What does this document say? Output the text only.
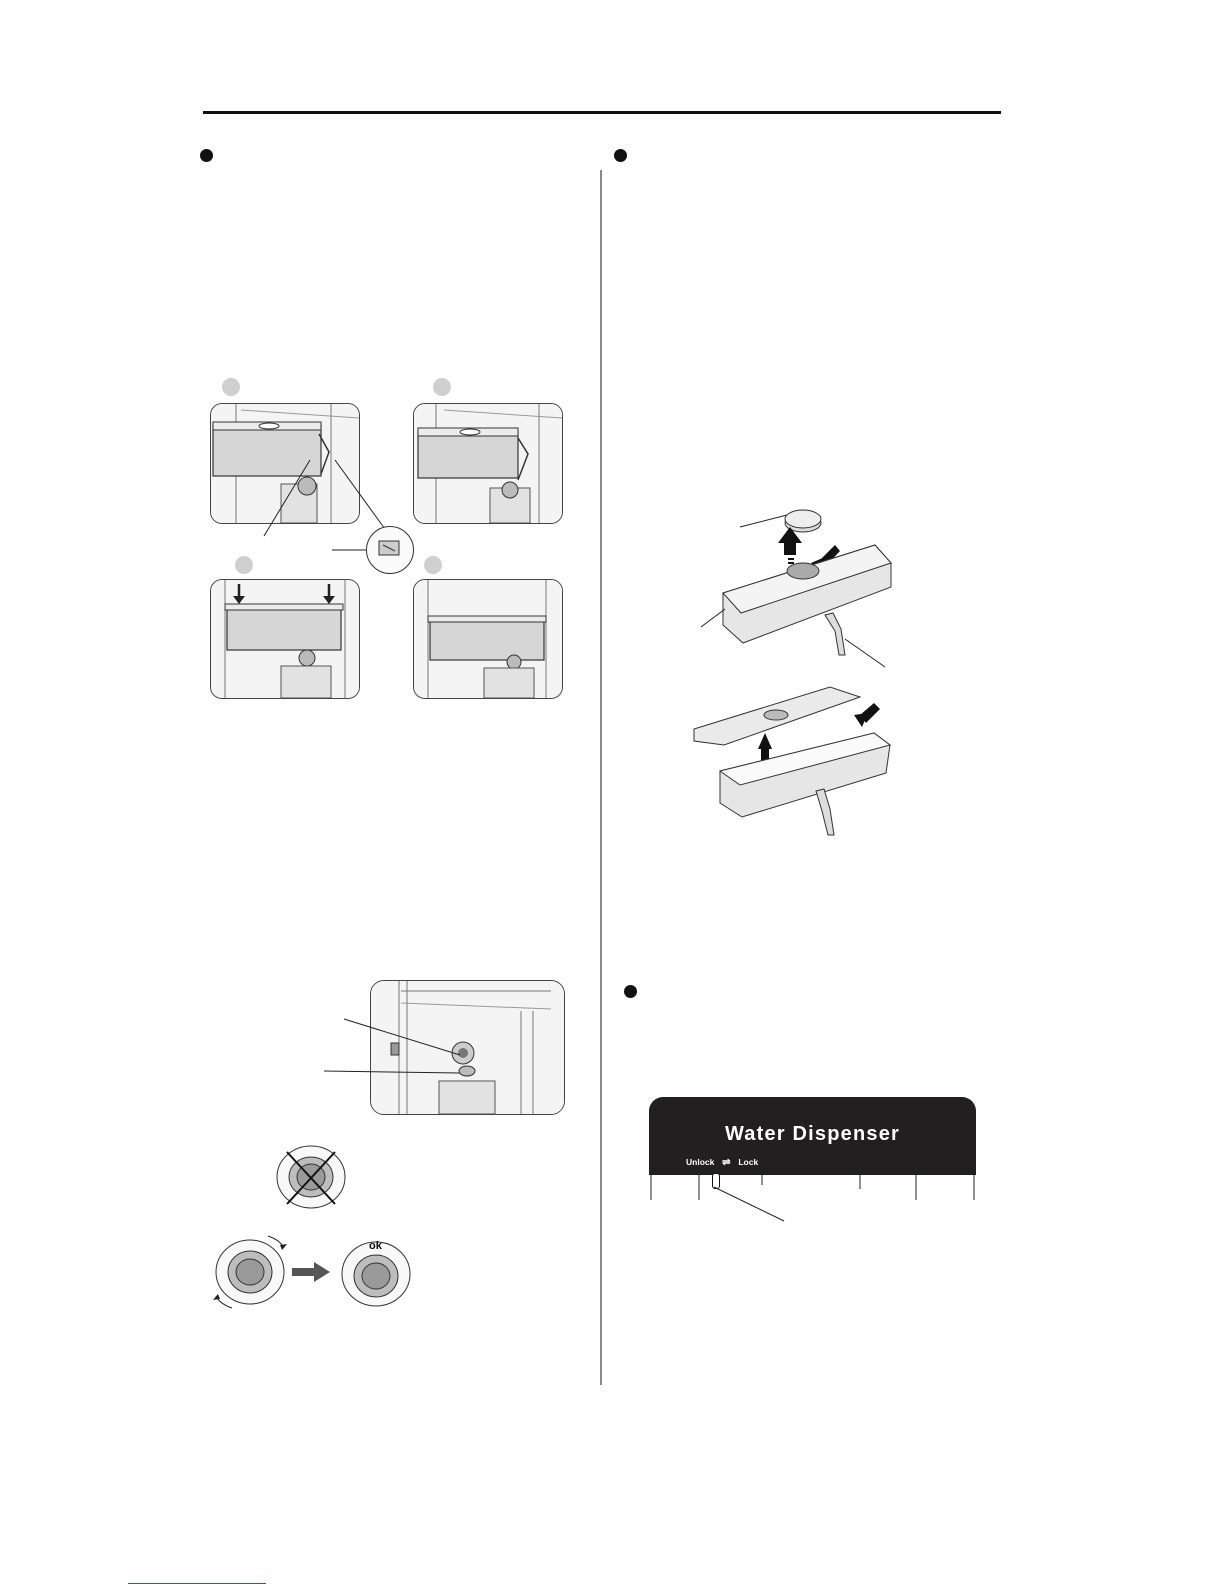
ok
Water Dispenser
Unlock ⇌ Lock
